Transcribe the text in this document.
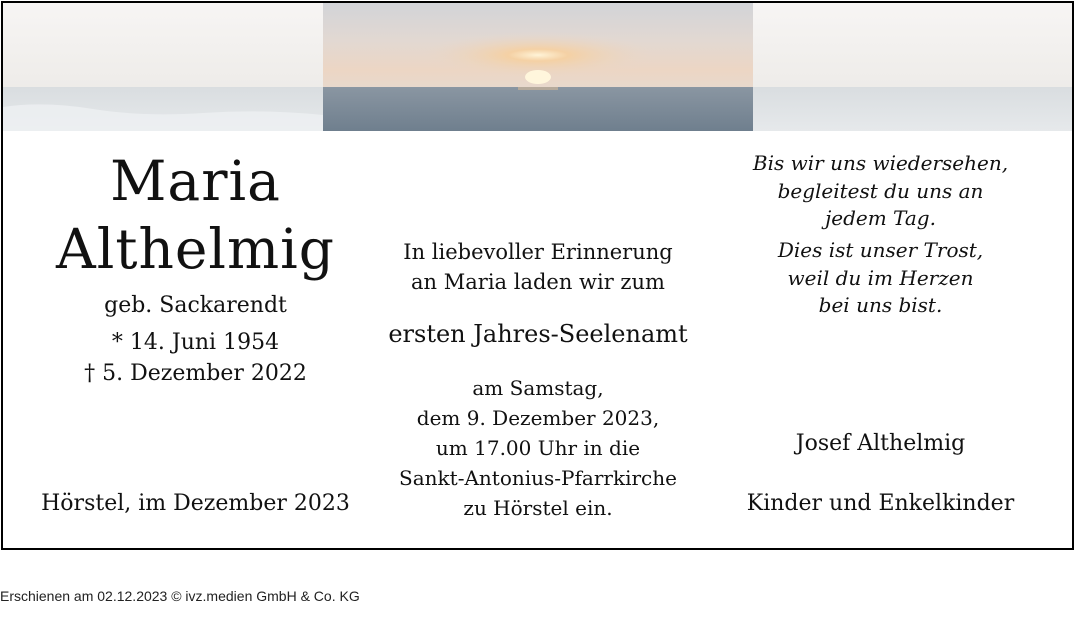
Maria
Althelmig
geb. Sackarendt
* 14. Juni 1954
† 5. Dezember 2022
Hörstel, im Dezember 2023
In liebevoller Erinnerung
an Maria laden wir zum
ersten Jahres-Seelenamt
am Samstag,
dem 9. Dezember 2023,
um 17.00 Uhr in die
Sankt-Antonius-Pfarrkirche
zu Hörstel ein.
Bis wir uns wiedersehen,
begleitest du uns an
jedem Tag.
Dies ist unser Trost,
weil du im Herzen
bei uns bist.
Josef Althelmig
Kinder und Enkelkinder
Erschienen am 02.12.2023 © ivz.medien GmbH & Co. KG
